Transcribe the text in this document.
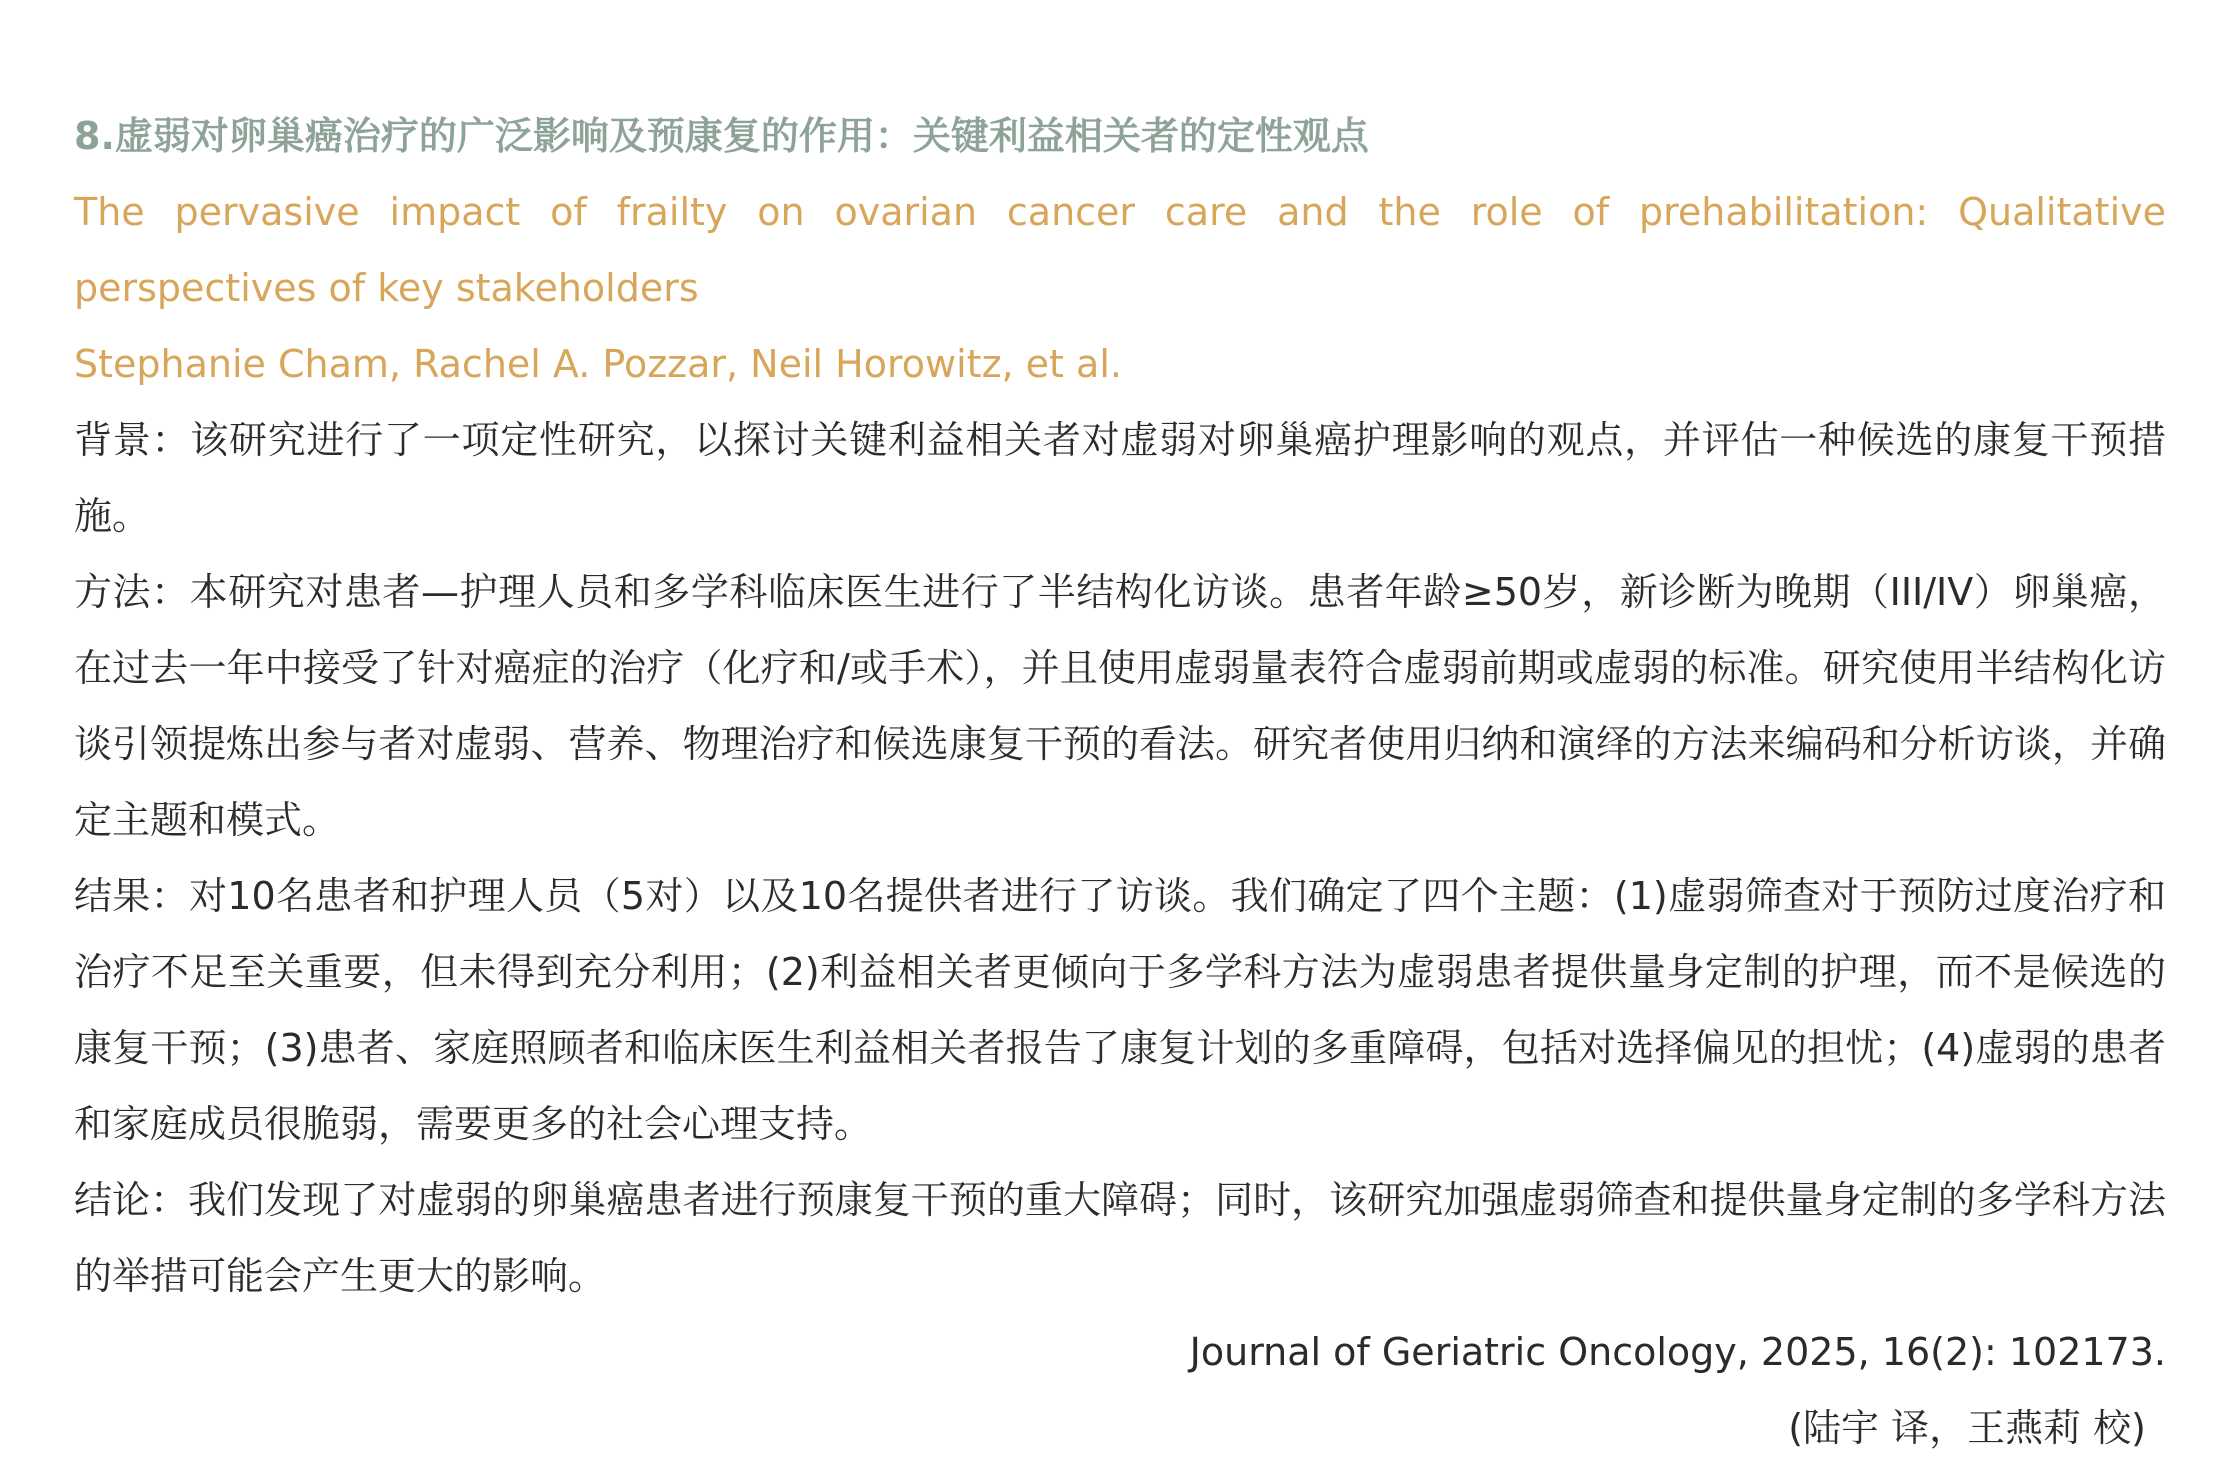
8.虚弱对卵巢癌治疗的广泛影响及预康复的作用：关键利益相关者的定性观点

The pervasive impact of frailty on ovarian cancer care and the role of prehabilitation: Qualitative perspectives of key stakeholders

Stephanie Cham, Rachel A. Pozzar, Neil Horowitz, et al.

背景：该研究进行了一项定性研究，以探讨关键利益相关者对虚弱对卵巢癌护理影响的观点，并评估一种候选的康复干预措施。

方法：本研究对患者—护理人员和多学科临床医生进行了半结构化访谈。患者年龄≥50岁，新诊断为晚期（III/IV）卵巢癌，在过去一年中接受了针对癌症的治疗（化疗和/或手术），并且使用虚弱量表符合虚弱前期或虚弱的标准。研究使用半结构化访谈引领提炼出参与者对虚弱、营养、物理治疗和候选康复干预的看法。研究者使用归纳和演绎的方法来编码和分析访谈，并确定主题和模式。

结果：对10名患者和护理人员（5对）以及10名提供者进行了访谈。我们确定了四个主题：(1)虚弱筛查对于预防过度治疗和治疗不足至关重要，但未得到充分利用；(2)利益相关者更倾向于多学科方法为虚弱患者提供量身定制的护理，而不是候选的康复干预；(3)患者、家庭照顾者和临床医生利益相关者报告了康复计划的多重障碍，包括对选择偏见的担忧；(4)虚弱的患者和家庭成员很脆弱，需要更多的社会心理支持。

结论：我们发现了对虚弱的卵巢癌患者进行预康复干预的重大障碍；同时，该研究加强虚弱筛查和提供量身定制的多学科方法的举措可能会产生更大的影响。

Journal of Geriatric Oncology, 2025, 16(2): 102173.

(陆宇 译，王燕莉 校)
